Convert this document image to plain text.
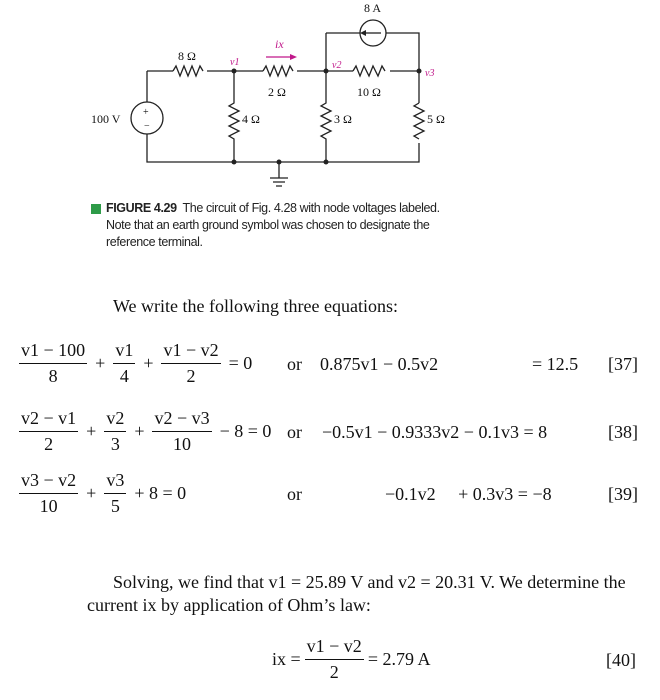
8 Ω
2 Ω	10 Ω
4 Ω	3 Ω	5 Ω
100 V
8 A
+
−
v1	v2
v3
ix
FIGURE 4.29 The circuit of Fig. 4.28 with node voltages labeled.
Note that an earth ground symbol was chosen to designate the
reference terminal.
We write the following three equations:
$\frac{v1 - 100}{8} + \frac{v1}{4} + \frac{v1 - v2}{2} = 0$ or 0.875v1 − 0.5v2	= 12.5 [37]
$\frac{v2 - v1}{2} + \frac{v2}{3} + \frac{v2 - v3}{10} - 8 = 0$ or −0.5v1 − 0.9333v2 − 0.1v3 = 8	[38]
$\frac{v3 - v2}{10} + \frac{v3}{5} + 8 = 0$	or	−0.1v2     + 0.3v3 = −8	[39]
Solving, we find that v1 = 25.89 V and v2 = 20.31 V. We determine the
current ix by application of Ohm’s law:
ix = $\frac{v1 - v2}{2} = 2.79$ A	[40]
